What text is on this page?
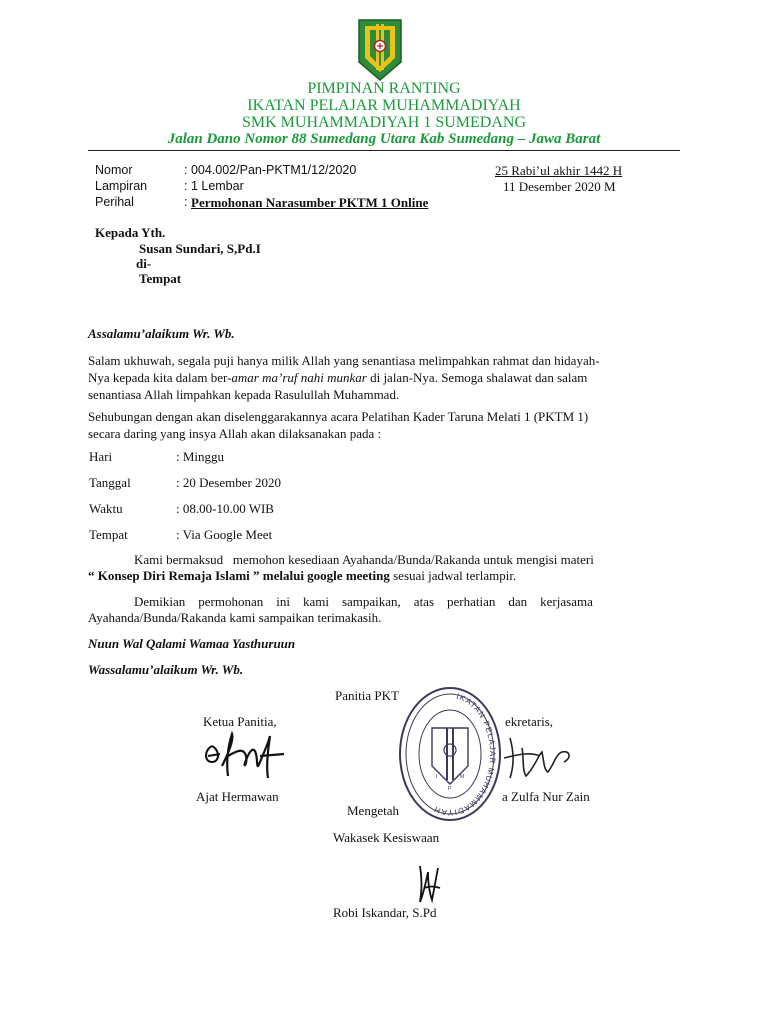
PIMPINAN RANTING
IKATAN PELAJAR MUHAMMADIYAH
SMK MUHAMMADIYAH 1 SUMEDANG
Jalan Dano Nomor 88 Sumedang Utara Kab Sumedang – Jawa Barat
Nomor	: 004.002/Pan-PKTM1/12/2020	25 Rabi’ul akhir 1442 H
Lampiran	: 1 Lembar	11 Desember 2020 M
Perihal	: Permohonan Narasumber PKTM 1 Online
Kepada Yth.
Susan Sundari, S,Pd.I
di-
Tempat
Assalamu’alaikum Wr. Wb.
Salam ukhuwah, segala puji hanya milik Allah yang senantiasa melimpahkan rahmat dan hidayah-
Nya kepada kita dalam ber-amar ma’ruf nahi munkar di jalan-Nya. Semoga shalawat dan salam
senantiasa Allah limpahkan kepada Rasulullah Muhammad.
Sehubungan dengan akan diselenggarakannya acara Pelatihan Kader Taruna Melati 1 (PKTM 1)
secara daring yang insya Allah akan dilaksanakan pada :
Hari	: Minggu
Tanggal	: 20 Desember 2020
Waktu	: 08.00-10.00 WIB
Tempat	: Via Google Meet
Kami bermaksud   memohon kesediaan Ayahanda/Bunda/Rakanda untuk mengisi materi
“ Konsep Diri Remaja Islami ” melalui google meeting sesuai jadwal terlampir.
Demikian    permohonan    ini    kami    sampaikan,    atas    perhatian    dan    kerjasama
Ayahanda/Bunda/Rakanda kami sampaikan terimakasih.
Nuun Wal Qalami Wamaa Yasthuruun
Wassalamu’alaikum Wr. Wb.
Panitia PKT
Ketua Panitia,	ekretaris,
Ajat Hermawan	a Zulfa Nur Zain
Mengetah
Wakasek Kesiswaan
Robi Iskandar, S.Pd
IKATAN PELAJAR MUHAMMADIYAH
I
P
M
